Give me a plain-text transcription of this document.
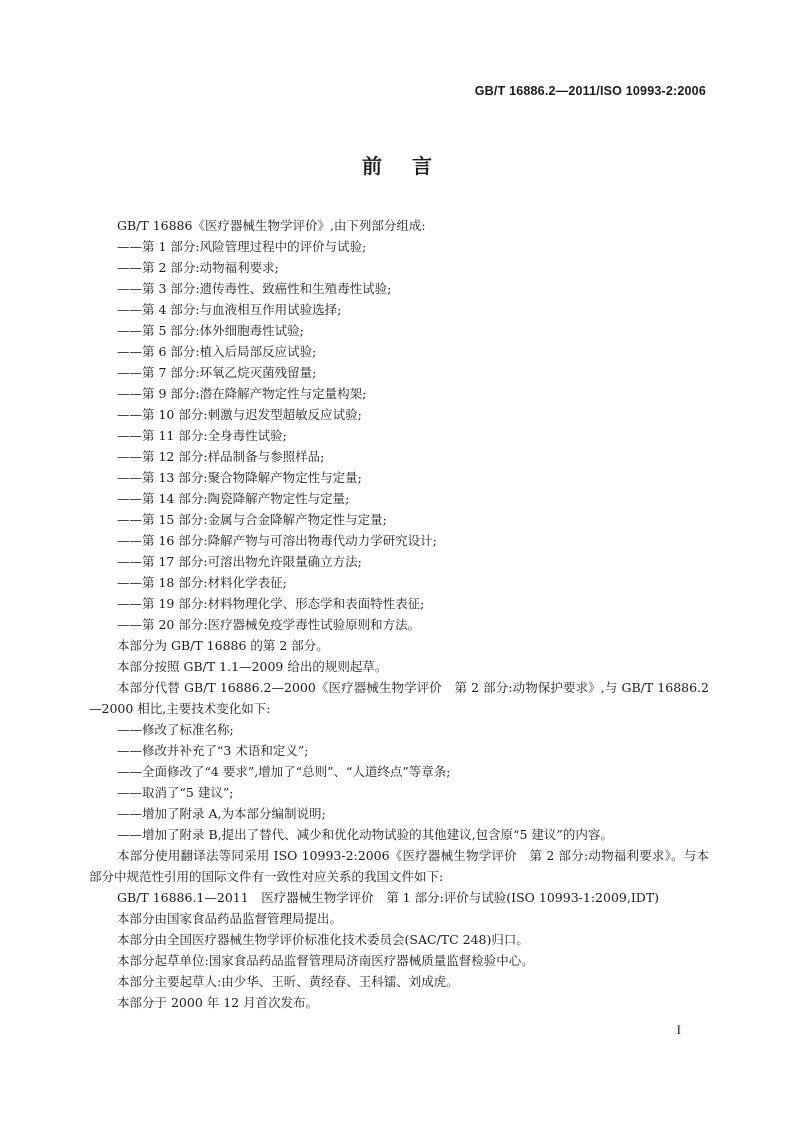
GB/T 16886.2—2011/ISO 10993-2:2006
前言
GB/T 16886《医疗器械生物学评价》,由下列部分组成:
——第 1 部分:风险管理过程中的评价与试验;
——第 2 部分:动物福利要求;
——第 3 部分:遗传毒性、致癌性和生殖毒性试验;
——第 4 部分:与血液相互作用试验选择;
——第 5 部分:体外细胞毒性试验;
——第 6 部分:植入后局部反应试验;
——第 7 部分:环氧乙烷灭菌残留量;
——第 9 部分:潜在降解产物定性与定量构架;
——第 10 部分:刺激与迟发型超敏反应试验;
——第 11 部分:全身毒性试验;
——第 12 部分:样品制备与参照样品;
——第 13 部分:聚合物降解产物定性与定量;
——第 14 部分:陶瓷降解产物定性与定量;
——第 15 部分:金属与合金降解产物定性与定量;
——第 16 部分:降解产物与可溶出物毒代动力学研究设计;
——第 17 部分:可溶出物允许限量确立方法;
——第 18 部分:材料化学表征;
——第 19 部分:材料物理化学、形态学和表面特性表征;
——第 20 部分:医疗器械免疫学毒性试验原则和方法。
本部分为 GB/T 16886 的第 2 部分。
本部分按照 GB/T 1.1—2009 给出的规则起草。
本部分代替 GB/T 16886.2—2000《医疗器械生物学评价　第 2 部分:动物保护要求》,与 GB/T 16886.2—2000 相比,主要技术变化如下:
——修改了标准名称;
——修改并补充了“3 术语和定义”;
——全面修改了“4 要求”,增加了“总则”、“人道终点”等章条;
——取消了“5 建议”;
——增加了附录 A,为本部分编制说明;
——增加了附录 B,提出了替代、减少和优化动物试验的其他建议,包含原“5 建议”的内容。
本部分使用翻译法等同采用 ISO 10993-2:2006《医疗器械生物学评价　第 2 部分:动物福利要求》。与本部分中规范性引用的国际文件有一致性对应关系的我国文件如下:
GB/T 16886.1—2011　医疗器械生物学评价　第 1 部分:评价与试验(ISO 10993-1:2009,IDT)
本部分由国家食品药品监督管理局提出。
本部分由全国医疗器械生物学评价标准化技术委员会(SAC/TC 248)归口。
本部分起草单位:国家食品药品监督管理局济南医疗器械质量监督检验中心。
本部分主要起草人:由少华、王昕、黄经春、王科镭、刘成虎。
本部分于 2000 年 12 月首次发布。
I
